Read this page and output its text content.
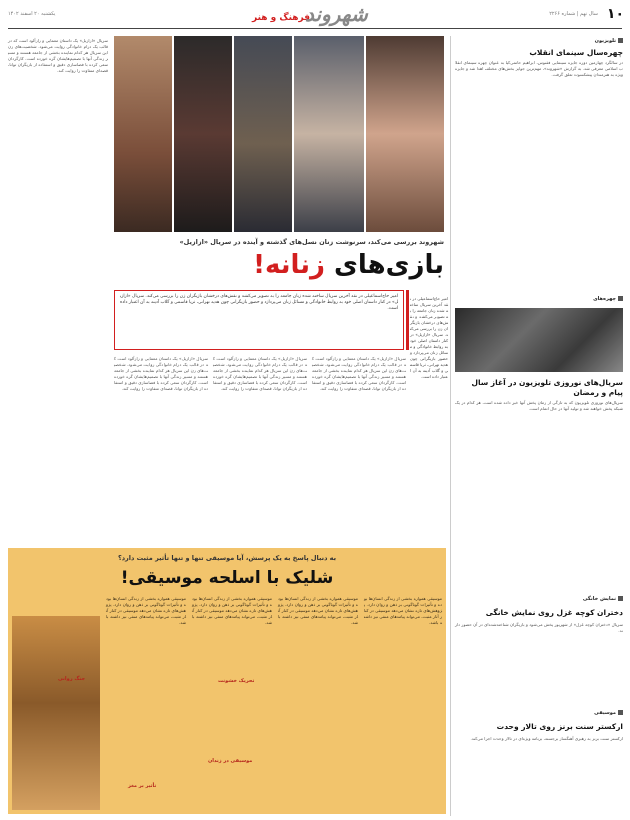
۱۰
سال نهم | شماره ۲۲۶۶
فرهنگ و هنر
شهروند
یکشنبه ۲۰ اسفند ۱۴۰۲
تلویزیون
چهره‌سال سینمای انقلاب
در سالگرد چهارمین دوره جایزه سینمایی فقنوس، ابراهیم حاتمی‌کیا به عنوان چهره سینمای انقلاب اسلامی معرفی شد. به گزارش «شهروند»، مهم‌ترین جوایز بخش‌های مختلف اهدا شد و جایزه ویژه به هنرمندان پیشکسوت تعلق گرفت.
چهره‌ها‌ی
سریال‌های نوروزی تلویزیون در آغاز سال پیام و رمضان
سریال‌های نوروزی تلویزیون که به تازگی از زمان پخش آنها خبر داده شده است، هر کدام در یک شبکه پخش خواهند شد و تولید آنها در حال اتمام است.
نمایش خانگی
دختران کوچه غزل روی نمایش خانگی
سریال «دختران کوچه غزل» از شهریور پخش می‌شود و بازیگران شناخته‌شده‌ای در آن حضور دارند.
موسیقی
ارکستر سنت برنز روی تالار وحدت
ارکستر سنت برنز به رهبری آهنگساز برجسته، برنامه ویژه‌ای در تالار وحدت اجرا می‌کند.
سریال «ازازیل» یک داستان معمایی و رازآلود است که در قالب یک درام خانوادگی روایت می‌شود. شخصیت‌های زن این سریال هر کدام نماینده بخشی از جامعه هستند و مسیر زندگی آنها با تصمیم‌هایشان گره خورده است. کارگردان سعی کرده با فضاسازی دقیق و استفاده از بازیگران توانا، قصه‌ای متفاوت را روایت کند.
شهروند بررسی می‌کند، سرنوشت زنان نسل‌های گذشته و آینده در سریال «ازازیل»
بازی‌های زنانه!
امیر حاج‌اسماعیلی در نقد آخرین سریال ساخته شده زنان جامعه را به تصویر می‌کشد و نقش‌های درخشان بازیگران زن را بررسی می‌کند. سریال «ازازیل» در کنار داستان اصلی خود به روابط خانوادگی و مسائل زنان می‌پردازد و حضور بازیگرانی چون هدیه تهرانی، ثریا قاسمی و گلاب آدینه به آن اعتبار داده است.
امیر حاج‌اسماعیلی در نقد آخرین سریال ساخته شده زنان جامعه را به تصویر می‌کشد و نقش‌های درخشان بازیگران زن را بررسی می‌کند. سریال «ازازیل» در کنار داستان اصلی خود به روابط خانوادگی و مسائل زنان می‌پردازد و حضور بازیگرانی چون هدیه تهرانی، ثریا قاسمی و گلاب آدینه به آن اعتبار داده است.
سریال «ازازیل» یک داستان معمایی و رازآلود است که در قالب یک درام خانوادگی روایت می‌شود. شخصیت‌های زن این سریال هر کدام نماینده بخشی از جامعه هستند و مسیر زندگی آنها با تصمیم‌هایشان گره خورده است. کارگردان سعی کرده با فضاسازی دقیق و استفاده از بازیگران توانا، قصه‌ای متفاوت را روایت کند.
سریال «ازازیل» یک داستان معمایی و رازآلود است که در قالب یک درام خانوادگی روایت می‌شود. شخصیت‌های زن این سریال هر کدام نماینده بخشی از جامعه هستند و مسیر زندگی آنها با تصمیم‌هایشان گره خورده است. کارگردان سعی کرده با فضاسازی دقیق و استفاده از بازیگران توانا، قصه‌ای متفاوت را روایت کند.
سریال «ازازیل» یک داستان معمایی و رازآلود است که در قالب یک درام خانوادگی روایت می‌شود. شخصیت‌های زن این سریال هر کدام نماینده بخشی از جامعه هستند و مسیر زندگی آنها با تصمیم‌هایشان گره خورده است. کارگردان سعی کرده با فضاسازی دقیق و استفاده از بازیگران توانا، قصه‌ای متفاوت را روایت کند.
به دنبال پاسخ به یک پرسش، آیا موسیقی تنها و تنها تأثیر مثبت دارد؟
شلیک با اسلحه موسیقی!
موسیقی همواره بخشی از زندگی انسان‌ها بوده و تأثیرات گوناگونی بر ذهن و روان دارد. پژوهش‌های تازه نشان می‌دهد موسیقی در کنار آثار مثبت، می‌تواند پیامدهای منفی نیز داشته باشد.
موسیقی همواره بخشی از زندگی انسان‌ها بوده و تأثیرات گوناگونی بر ذهن و روان دارد. پژوهش‌های تازه نشان می‌دهد موسیقی در کنار آثار مثبت، می‌تواند پیامدهای منفی نیز داشته باشد.
موسیقی همواره بخشی از زندگی انسان‌ها بوده و تأثیرات گوناگونی بر ذهن و روان دارد. پژوهش‌های تازه نشان می‌دهد موسیقی در کنار آثار مثبت، می‌تواند پیامدهای منفی نیز داشته باشد.
موسیقی همواره بخشی از زندگی انسان‌ها بوده و تأثیرات گوناگونی بر ذهن و روان دارد. پژوهش‌های تازه نشان می‌دهد موسیقی در کنار آثار مثبت، می‌تواند پیامدهای منفی نیز داشته باشد.
جنگ روانی	تحریک خشونت
موسیقی در زندان
تأثیر بر مغز
